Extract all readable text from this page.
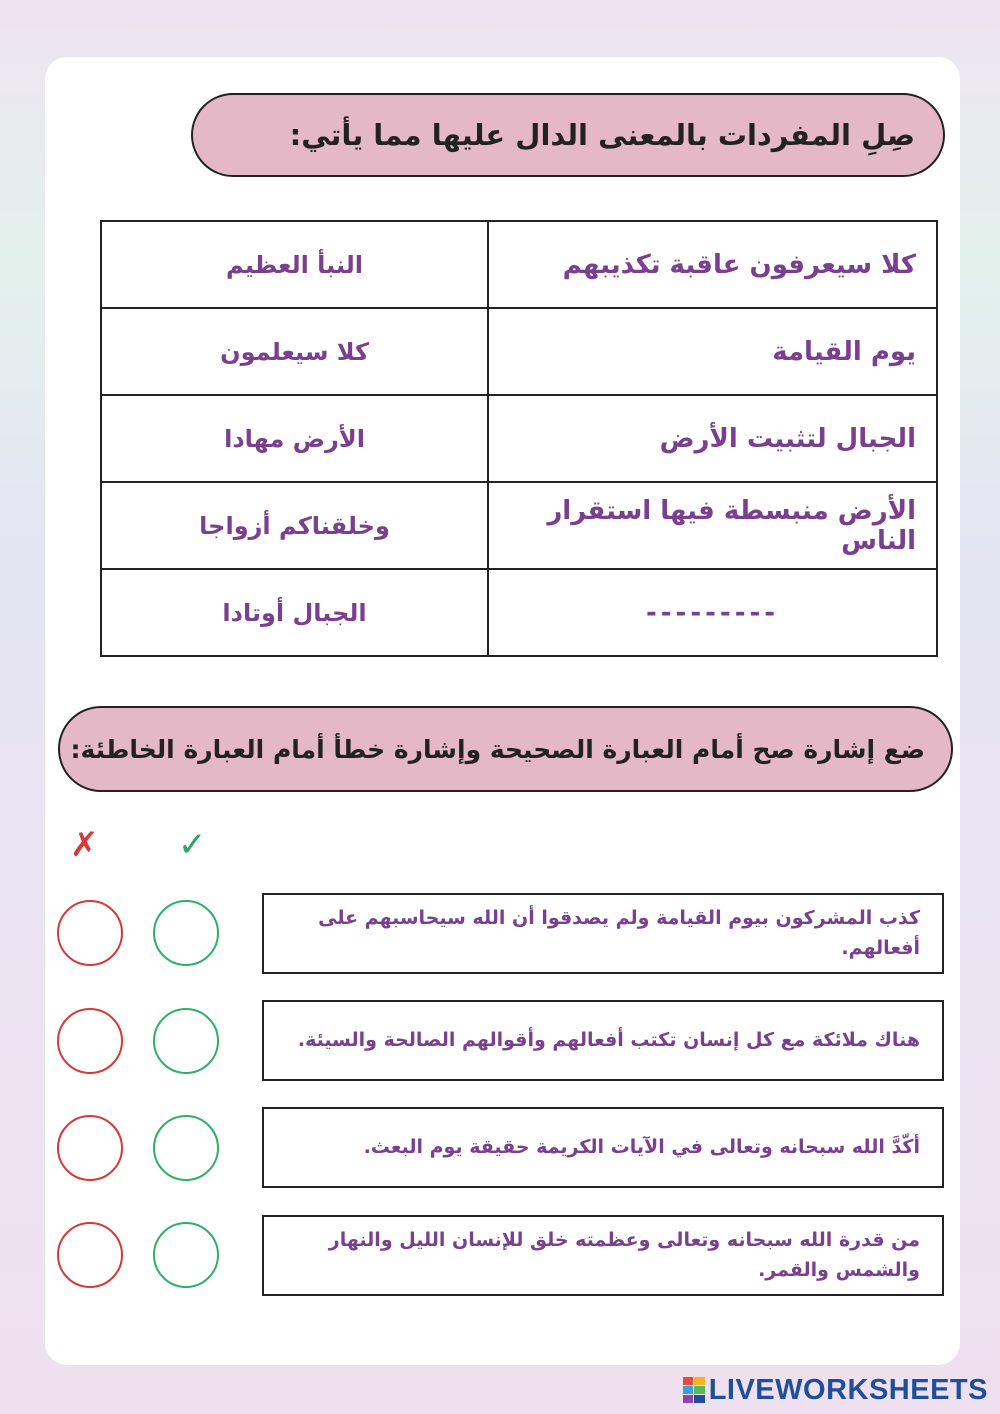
صِلِ المفردات بالمعنى الدال عليها مما يأتي:
كلا سيعرفون عاقبة تكذيبهم	النبأ العظيم
يوم القيامة	كلا سيعلمون
الجبال لتثبيت الأرض	الأرض مهادا
الأرض منبسطة فيها استقرار الناس	وخلقناكم أزواجا
---------	الجبال أوتادا
ضع إشارة صح أمام العبارة الصحيحة وإشارة خطأ أمام العبارة الخاطئة:
✗ ✓
كذب المشركون بيوم القيامة ولم يصدقوا أن الله سيحاسبهم على أفعالهم.
هناك ملائكة مع كل إنسان تكتب أفعالهم وأقوالهم الصالحة والسيئة.
أكّدَّ الله سبحانه وتعالى في الآيات الكريمة حقيقة يوم البعث.
من قدرة الله سبحانه وتعالى وعظمته خلق للإنسان الليل والنهار والشمس والقمر.
LIVEWORKSHEETS
